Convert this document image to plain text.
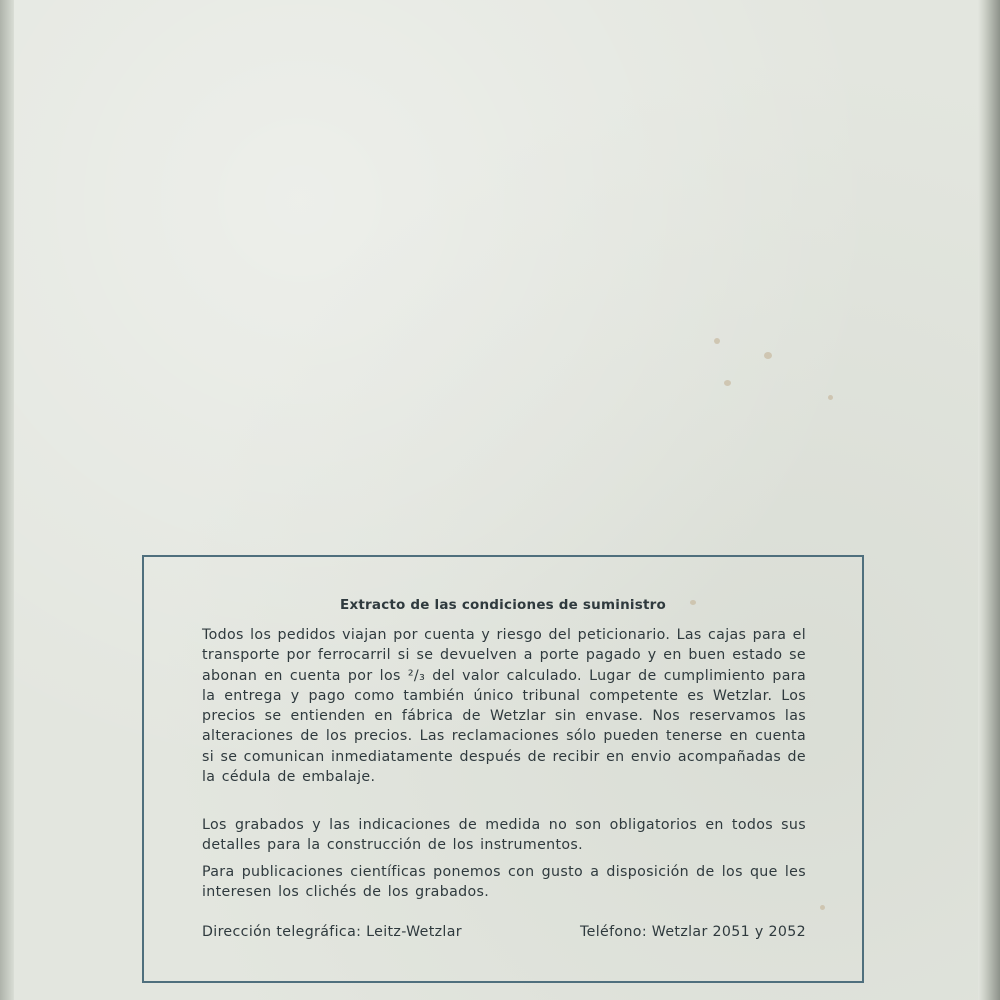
Extracto de las condiciones de suministro
Todos los pedidos viajan por cuenta y riesgo del peticionario. Las cajas para el transporte por ferrocarril si se devuelven a porte pagado y en buen estado se abonan en cuenta por los ²/₃ del valor calculado. Lugar de cumplimiento para la entrega y pago como también único tribunal competente es Wetzlar. Los precios se entienden en fábrica de Wetzlar sin envase. Nos reservamos las alteraciones de los precios. Las reclamaciones sólo pueden tenerse en cuenta si se comunican inmediatamente después de recibir en envio acompañadas de la cédula de embalaje.
Los grabados y las indicaciones de medida no son obligatorios en todos sus detalles para la construcción de los instrumentos.
Para publicaciones científicas ponemos con gusto a disposición de los que les interesen los clichés de los grabados.
Dirección telegráfica: Leitz-Wetzlar	Teléfono: Wetzlar 2051 y 2052
